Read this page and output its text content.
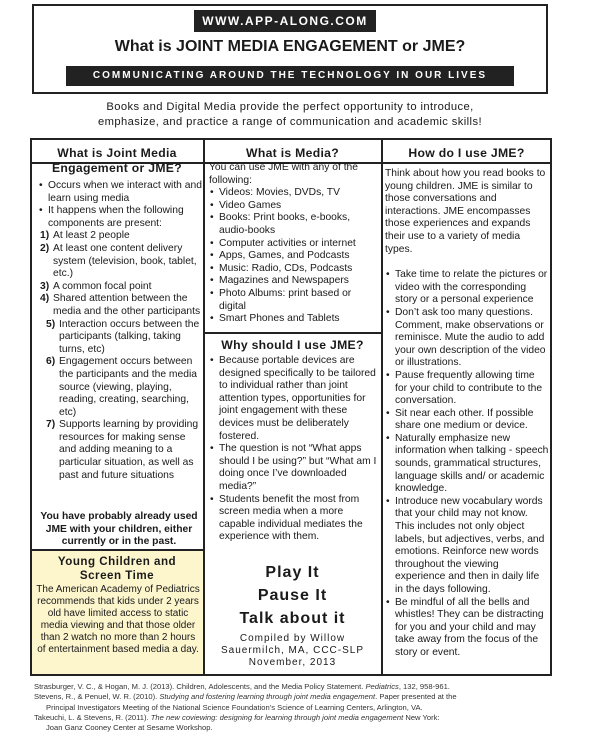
WWW.APP-ALONG.COM
What is JOINT MEDIA ENGAGEMENT or JME?
COMMUNICATING AROUND THE TECHNOLOGY IN OUR LIVES
Books and Digital Media provide the perfect opportunity to introduce,
emphasize, and practice a range of communication and academic skills!
What is Joint Media
Engagement or JME?
• Occurs when we interact with and learn using media
• It happens when the following components are present:
1) At least 2 people
2) At least one content delivery system (television, book, tablet, etc.)
3) A common focal point
4) Shared attention between the media and the other participants
5) Interaction occurs between the participants (talking, taking turns, etc)
6) Engagement occurs between the participants and the media source (viewing, playing, reading, creating, searching, etc)
7) Supports learning by providing resources for making sense and adding meaning to a particular situation, as well as past and future situations
You have probably already used JME with your children, either currently or in the past.
Young Children and
Screen Time
The American Academy of Pediatrics recommends that kids under 2 years old have limited access to static media viewing and that those older than 2 watch no more than 2 hours of entertainment based media a day.
What is Media?
You can use JME with any of the following:
• Videos: Movies, DVDs, TV
• Video Games
• Books: Print books, e-books, audio-books
• Computer activities or internet
• Apps, Games, and Podcasts
• Music: Radio, CDs, Podcasts
• Magazines and Newspapers
• Photo Albums: print based or digital
• Smart Phones and Tablets
Why should I use JME?
• Because portable devices are designed specifically to be tailored to individual rather than joint attention types, opportunities for joint engagement with these devices must be deliberately fostered.
• The question is not “What apps should I be using?” but “What am I doing once I’ve downloaded media?”
• Students benefit the most from screen media when a more capable individual mediates the experience with them.
Play It
Pause It
Talk about it
Compiled by Willow
Sauermilch, MA, CCC-SLP
November, 2013
How do I use JME?
Think about how you read books to young children. JME is similar to those conversations and interactions. JME encompasses those experiences and expands their use to a variety of media types.
• Take time to relate the pictures or video with the corresponding story or a personal experience
• Don’t ask too many questions. Comment, make observations or reminisce. Mute the audio to add your own description of the video or illustrations.
• Pause frequently allowing time for your child to contribute to the conversation.
• Sit near each other. If possible share one medium or device.
• Naturally emphasize new information when talking - speech sounds, grammatical structures, language skills and/ or academic knowledge.
• Introduce new vocabulary words that your child may not know. This includes not only object labels, but adjectives, verbs, and emotions. Reinforce new words throughout the viewing experience and then in daily life in the days following.
• Be mindful of all the bells and whistles! They can be distracting for you and your child and may take away from the focus of the story or event.
Strasburger, V. C., & Hogan, M. J. (2013). Children, Adolescents, and the Media Policy Statement. Pediatrics, 132, 958-961.
Stevens, R., & Penuel, W. R. (2010). Studying and fostering learning through joint media engagement. Paper presented at the
Principal Investigators Meeting of the National Science Foundation’s Science of Learning Centers, Arlington, VA.
Takeuchi, L. & Stevens, R. (2011). The new coviewing: designing for learning through joint media engagement New York:
Joan Ganz Cooney Center at Sesame Workshop.
